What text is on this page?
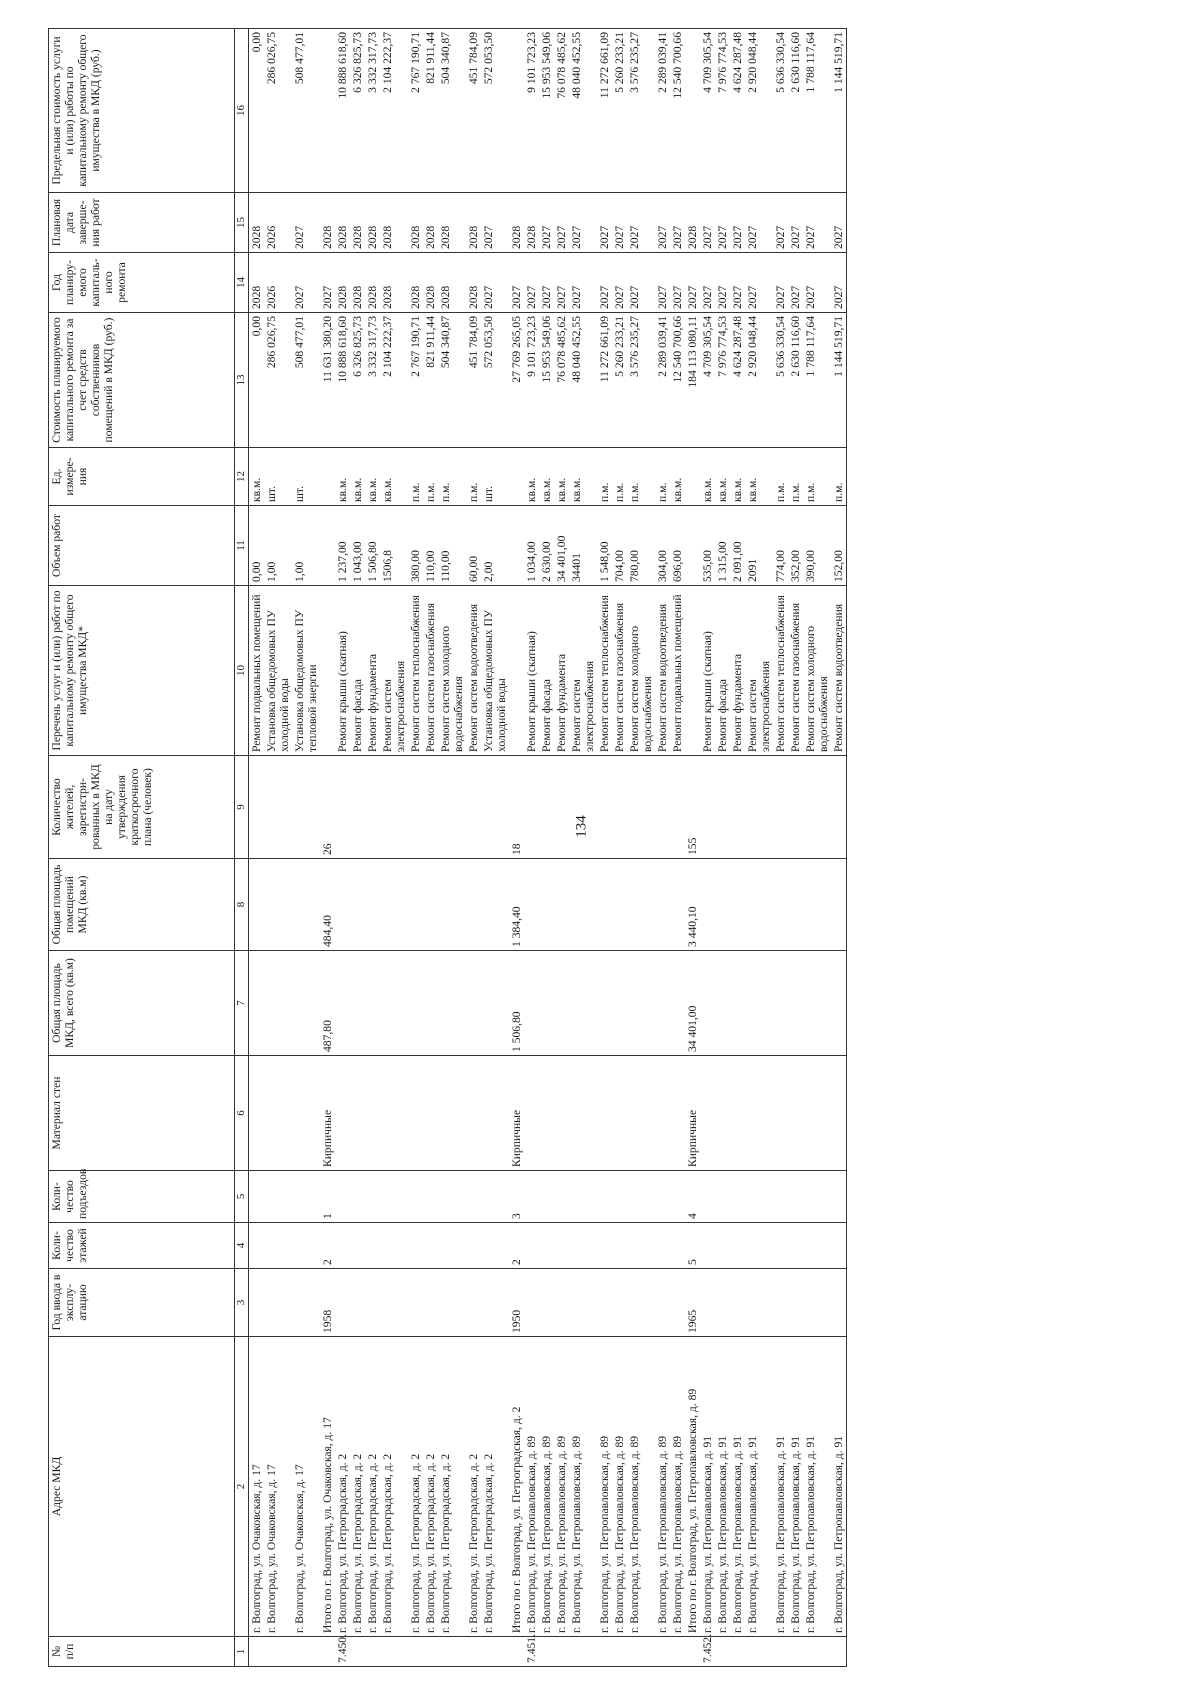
134
№ п/п	Адрес МКД	Год ввода в эксплу-атацию	Коли-чество этажей	Коли-чество подъездов	Материал стен	Общая площадь МКД, всего (кв.м)	Общая площадь помещений МКД (кв.м)	Количество жителей, зарегистри-рованных в МКД на дату утверждения краткосрочного плана (человек)	Перечень услуг и (или) работ по капитальному ремонту общего имущества МКД*	Объем работ	Ед. измере-ния	Стоимость планируемого капитального ремонта за счет средств собственников помещений в МКД (руб.)	Год планиру-емого капиталь-ного ремонта	Плановая дата заверше-ния работ	Предельная стоимость услуги и (или) работы по капитальному ремонту общего имущества в МКД (руб.)
1	2	3	4	5	6	7	8	9	10	11	12	13	14	15	16
	г. Волгоград, ул. Очаковская, д. 17								Ремонт подвальных помещений	0,00	кв.м.	0,00	2028	2028	0,00
	г. Волгоград, ул. Очаковская, д. 17								Установка общедомовых ПУ холодной воды	1,00	шт.	286 026,75	2026	2026	286 026,75
	г. Волгоград, ул. Очаковская, д. 17								Установка общедомовых ПУ тепловой энергии	1,00	шт.	508 477,01	2027	2027	508 477,01
	Итого по г. Волгоград, ул. Очаковская, д. 17	1958	2	1	Кирпичные	487,80	484,40	26				11 631 380,20	2027	2028	
7.450.	г. Волгоград, ул. Петроградская, д. 2								Ремонт крыши (скатная)	1 237,00	кв.м.	10 888 618,60	2028	2028	10 888 618,60
	г. Волгоград, ул. Петроградская, д. 2								Ремонт фасада	1 043,00	кв.м.	6 326 825,73	2028	2028	6 326 825,73
	г. Волгоград, ул. Петроградская, д. 2								Ремонт фундамента	1 506,80	кв.м.	3 332 317,73	2028	2028	3 332 317,73
	г. Волгоград, ул. Петроградская, д. 2								Ремонт систем электроснабжения	1506,8	кв.м.	2 104 222,37	2028	2028	2 104 222,37
	г. Волгоград, ул. Петроградская, д. 2								Ремонт систем теплоснабжения	380,00	п.м.	2 767 190,71	2028	2028	2 767 190,71
	г. Волгоград, ул. Петроградская, д. 2								Ремонт систем газоснабжения	110,00	п.м.	821 911,44	2028	2028	821 911,44
	г. Волгоград, ул. Петроградская, д. 2								Ремонт систем холодного водоснабжения	110,00	п.м.	504 340,87	2028	2028	504 340,87
	г. Волгоград, ул. Петроградская, д. 2								Ремонт систем водоотведения	60,00	п.м.	451 784,09	2028	2028	451 784,09
	г. Волгоград, ул. Петроградская, д. 2								Установка общедомовых ПУ холодной воды	2,00	шт.	572 053,50	2027	2027	572 053,50
	Итого по г. Волгоград, ул. Петроградская, д. 2	1950	2	3	Кирпичные	1 506,80	1 384,40	18				27 769 265,05	2027	2028	
7.451.	г. Волгоград, ул. Петропавловская, д. 89								Ремонт крыши (скатная)	1 034,00	кв.м.	9 101 723,23	2027	2028	9 101 723,23
	г. Волгоград, ул. Петропавловская, д. 89								Ремонт фасада	2 630,00	кв.м.	15 953 549,06	2027	2027	15 953 549,06
	г. Волгоград, ул. Петропавловская, д. 89								Ремонт фундамента	34 401,00	кв.м.	76 078 485,62	2027	2027	76 078 485,62
	г. Волгоград, ул. Петропавловская, д. 89								Ремонт систем электроснабжения	34401	кв.м.	48 040 452,55	2027	2027	48 040 452,55
	г. Волгоград, ул. Петропавловская, д. 89								Ремонт систем теплоснабжения	1 548,00	п.м.	11 272 661,09	2027	2027	11 272 661,09
	г. Волгоград, ул. Петропавловская, д. 89								Ремонт систем газоснабжения	704,00	п.м.	5 260 233,21	2027	2027	5 260 233,21
	г. Волгоград, ул. Петропавловская, д. 89								Ремонт систем холодного водоснабжения	780,00	п.м.	3 576 235,27	2027	2027	3 576 235,27
	г. Волгоград, ул. Петропавловская, д. 89								Ремонт систем водоотведения	304,00	п.м.	2 289 039,41	2027	2027	2 289 039,41
	г. Волгоград, ул. Петропавловская, д. 89								Ремонт подвальных помещений	696,00	кв.м.	12 540 700,66	2027	2027	12 540 700,66
	Итого по г. Волгоград, ул. Петропавловская, д. 89	1965	5	4	Кирпичные	34 401,00	3 440,10	155				184 113 080,11	2027	2028	
7.452.	г. Волгоград, ул. Петропавловская, д. 91								Ремонт крыши (скатная)	535,00	кв.м.	4 709 305,54	2027	2027	4 709 305,54
	г. Волгоград, ул. Петропавловская, д. 91								Ремонт фасада	1 315,00	кв.м.	7 976 774,53	2027	2027	7 976 774,53
	г. Волгоград, ул. Петропавловская, д. 91								Ремонт фундамента	2 091,00	кв.м.	4 624 287,48	2027	2027	4 624 287,48
	г. Волгоград, ул. Петропавловская, д. 91								Ремонт систем электроснабжения	2091	кв.м.	2 920 048,44	2027	2027	2 920 048,44
	г. Волгоград, ул. Петропавловская, д. 91								Ремонт систем теплоснабжения	774,00	п.м.	5 636 330,54	2027	2027	5 636 330,54
	г. Волгоград, ул. Петропавловская, д. 91								Ремонт систем газоснабжения	352,00	п.м.	2 630 116,60	2027	2027	2 630 116,60
	г. Волгоград, ул. Петропавловская, д. 91								Ремонт систем холодного водоснабжения	390,00	п.м.	1 788 117,64	2027	2027	1 788 117,64
	г. Волгоград, ул. Петропавловская, д. 91								Ремонт систем водоотведения	152,00	п.м.	1 144 519,71	2027	2027	1 144 519,71
